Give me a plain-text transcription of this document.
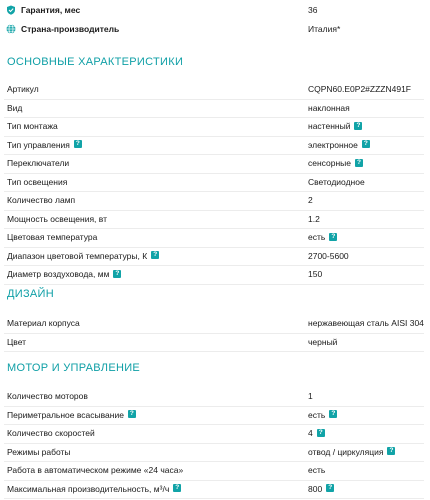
Гарантия, мес	36
Страна-производитель	Италия*
ОСНОВНЫЕ ХАРАКТЕРИСТИКИ
Артикул	CQPN60.E0P2#ZZZN491F
Вид	наклонная
Тип монтажа	настенный ?
Тип управления ?	электронное ?
Переключатели	сенсорные ?
Тип освещения	Светодиодное
Количество ламп	2
Мощность освещения, вт	1.2
Цветовая температура	есть ?
Диапазон цветовой температуры, К ?	2700-5600
Диаметр воздуховода, мм ?	150
ДИЗАЙН
Материал корпуса	нержавеющая сталь AISI 304
Цвет	черный
МОТОР И УПРАВЛЕНИЕ
Количество моторов	1
Периметральное всасывание ?	есть ?
Количество скоростей	4 ?
Режимы работы	отвод / циркуляция ?
Работа в автоматическом режиме «24 часа»	есть
Максимальная производительность, м³/ч ?	800 ?
